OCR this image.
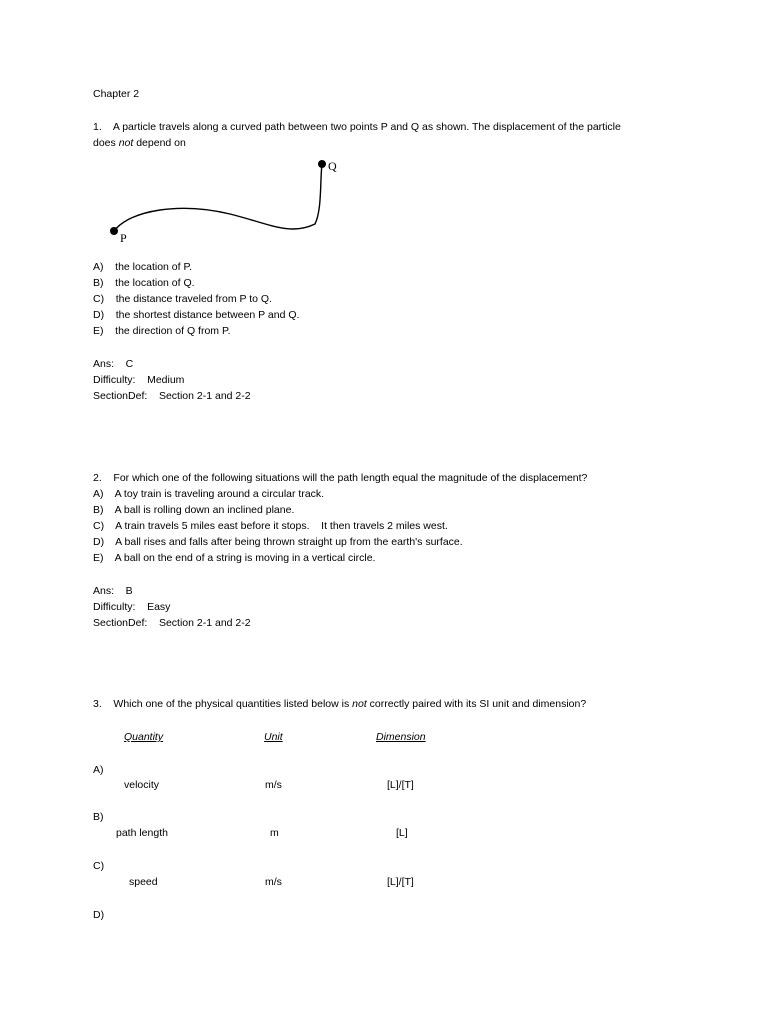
Chapter 2
1.    A particle travels along a curved path between two points P and Q as shown. The displacement of the particle
does not depend on
P
Q
A)    the location of P.
B)    the location of Q.
C)    the distance traveled from P to Q.
D)    the shortest distance between P and Q.
E)    the direction of Q from P.
Ans:    C
Difficulty:    Medium
SectionDef:    Section 2-1 and 2-2
2.    For which one of the following situations will the path length equal the magnitude of the displacement?
A)    A toy train is traveling around a circular track.
B)    A ball is rolling down an inclined plane.
C)    A train travels 5 miles east before it stops.    It then travels 2 miles west.
D)    A ball rises and falls after being thrown straight up from the earth's surface.
E)    A ball on the end of a string is moving in a vertical circle.
Ans:    B
Difficulty:    Easy
SectionDef:    Section 2-1 and 2-2
3.    Which one of the physical quantities listed below is not correctly paired with its SI unit and dimension?
Quantity	Unit	Dimension
A)
velocity	m/s	[L]/[T]
B)
path length	m	[L]
C)
speed	m/s	[L]/[T]
D)
